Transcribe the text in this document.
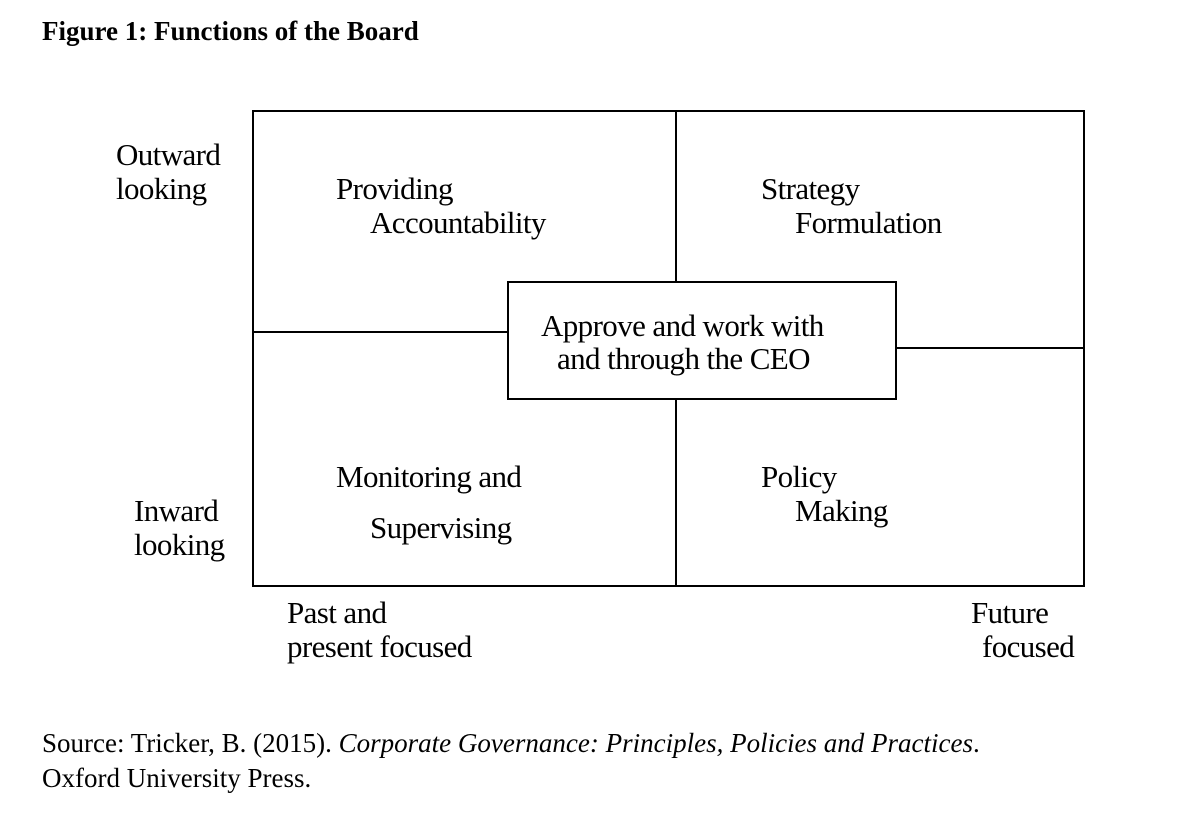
Figure 1: Functions of the Board
Approve and work with
and through the CEO
Providing
Accountability
Strategy
Formulation
Monitoring and
Supervising
Policy
Making
Outward
looking
Inward
looking
Past and
present focused
Future
focused
Source: Tricker, B. (2015). Corporate Governance: Principles, Policies and Practices.
Oxford University Press.
